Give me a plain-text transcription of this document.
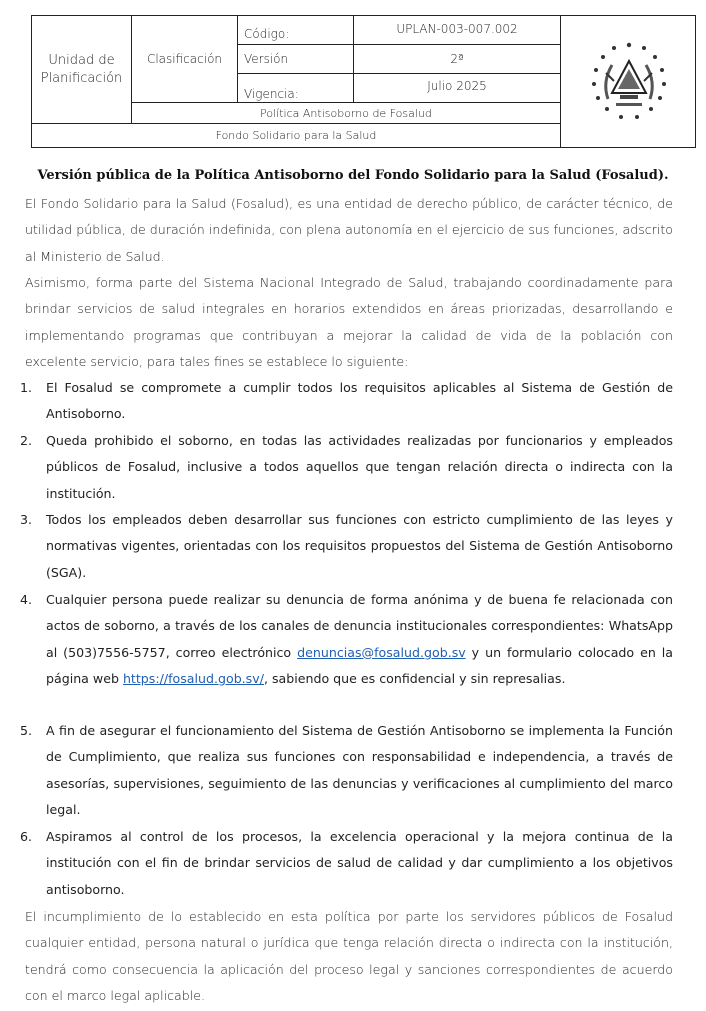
Unidad de Planificación
Clasificación
Código:	UPLAN-003-007.002
Versión	2ª
Vigencia:
Julio 2025
Política Antisoborno de Fosalud
Fondo Solidario para la Salud
Versión pública de la Política Antisoborno del Fondo Solidario para la Salud (Fosalud).
El Fondo Solidario para la Salud (Fosalud), es una entidad de derecho público, de carácter técnico, de utilidad pública, de duración indefinida, con plena autonomía en el ejercicio de sus funciones, adscrito al Ministerio de Salud.
Asimismo, forma parte del Sistema Nacional Integrado de Salud, trabajando coordinadamente para brindar servicios de salud integrales en horarios extendidos en áreas priorizadas, desarrollando e implementando programas que contribuyan a mejorar la calidad de vida de la población con excelente servicio, para tales fines se establece lo siguiente:
1. El Fosalud se compromete a cumplir todos los requisitos aplicables al Sistema de Gestión de Antisoborno.
2. Queda prohibido el soborno, en todas las actividades realizadas por funcionarios y empleados públicos de Fosalud, inclusive a todos aquellos que tengan relación directa o indirecta con la institución.
3. Todos los empleados deben desarrollar sus funciones con estricto cumplimiento de las leyes y normativas vigentes, orientadas con los requisitos propuestos del Sistema de Gestión Antisoborno (SGA).
4. Cualquier persona puede realizar su denuncia de forma anónima y de buena fe relacionada con actos de soborno, a través de los canales de denuncia institucionales correspondientes: WhatsApp al (503)7556-5757, correo electrónico denuncias@fosalud.gob.sv y un formulario colocado en la página web https://fosalud.gob.sv/, sabiendo que es confidencial y sin represalias.
5. A fin de asegurar el funcionamiento del Sistema de Gestión Antisoborno se implementa la Función de Cumplimiento, que realiza sus funciones con responsabilidad e independencia, a través de asesorías, supervisiones, seguimiento de las denuncias y verificaciones al cumplimiento del marco legal.
6. Aspiramos al control de los procesos, la excelencia operacional y la mejora continua de la institución con el fin de brindar servicios de salud de calidad y dar cumplimiento a los objetivos antisoborno.
El incumplimiento de lo establecido en esta política por parte los servidores públicos de Fosalud cualquier entidad, persona natural o jurídica que tenga relación directa o indirecta con la institución, tendrá como consecuencia la aplicación del proceso legal y sanciones correspondientes de acuerdo con el marco legal aplicable.
